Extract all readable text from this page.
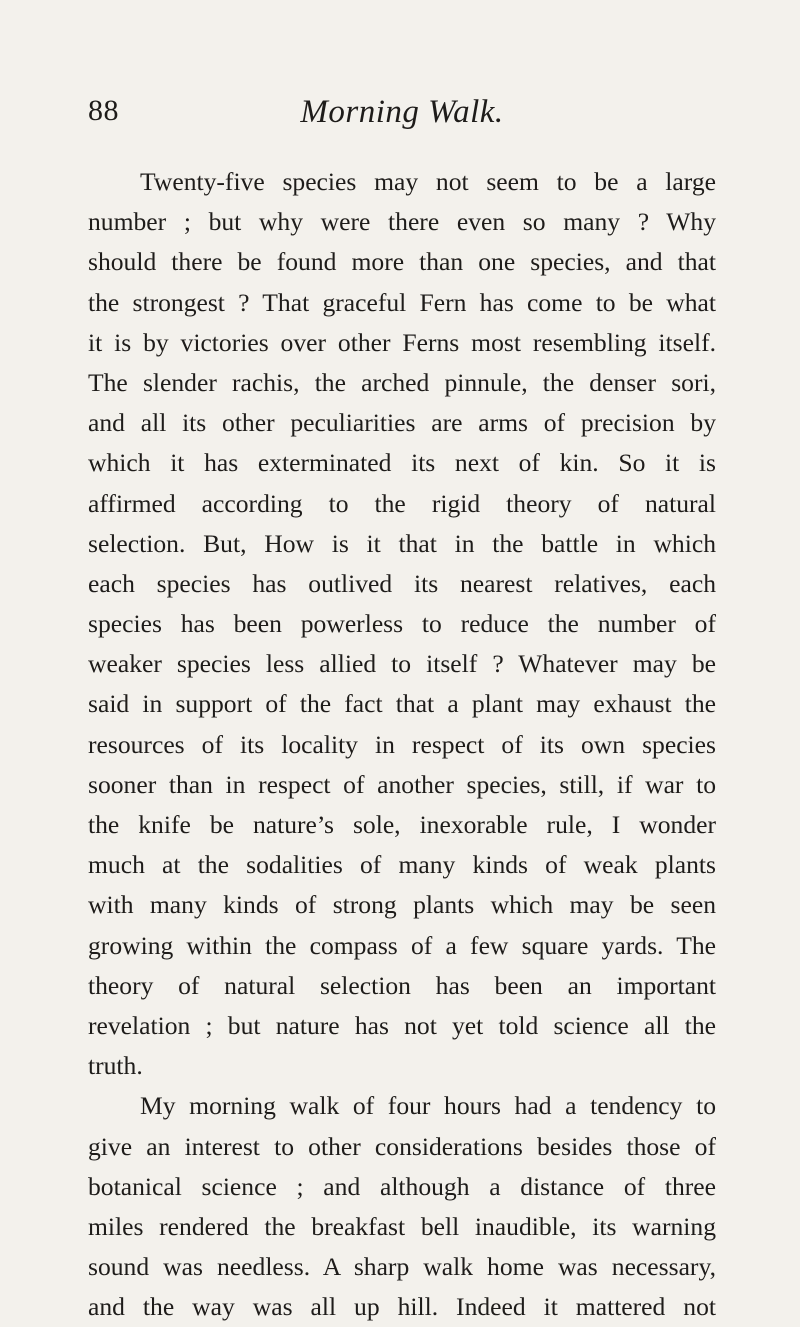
88	Morning Walk.
Twenty-five species may not seem to be a large
number ; but why were there even so many ? Why
should there be found more than one species, and that
the strongest ? That graceful Fern has come to be what
it is by victories over other Ferns most resembling itself.
The slender rachis, the arched pinnule, the denser sori,
and all its other peculiarities are arms of precision by
which it has exterminated its next of kin. So it is
affirmed according to the rigid theory of natural
selection. But, How is it that in the battle in which
each species has outlived its nearest relatives, each
species has been powerless to reduce the number of
weaker species less allied to itself ? Whatever may be
said in support of the fact that a plant may exhaust the
resources of its locality in respect of its own species
sooner than in respect of another species, still, if war to
the knife be nature’s sole, inexorable rule, I wonder
much at the sodalities of many kinds of weak plants
with many kinds of strong plants which may be seen
growing within the compass of a few square yards. The
theory of natural selection has been an important
revelation ; but nature has not yet told science all the
truth.
My morning walk of four hours had a tendency to
give an interest to other considerations besides those of
botanical science ; and although a distance of three
miles rendered the breakfast bell inaudible, its warning
sound was needless. A sharp walk home was necessary,
and the way was all up hill. Indeed it mattered not
